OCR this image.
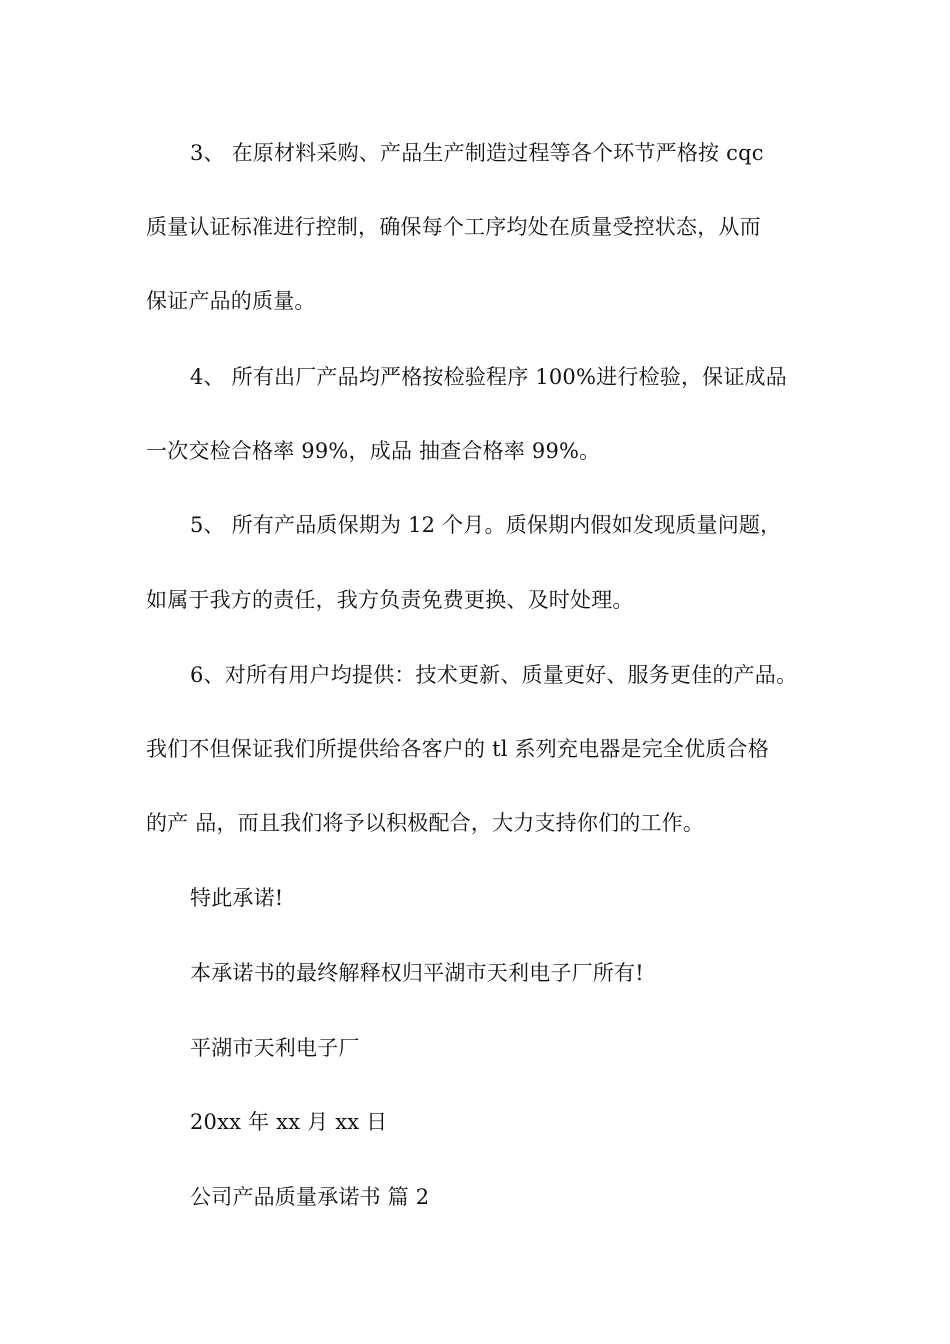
3、 在原材料采购、产品生产制造过程等各个环节严格按 cqc
质量认证标准进行控制，确保每个工序均处在质量受控状态，从而
保证产品的质量。
4、 所有出厂产品均严格按检验程序 100%进行检验，保证成品
一次交检合格率 99%，成品 抽查合格率 99%。
5、 所有产品质保期为 12 个月。质保期内假如发现质量问题，
如属于我方的责任，我方负责免费更换、及时处理。
6、对所有用户均提供：技术更新、质量更好、服务更佳的产品。
我们不但保证我们所提供给各客户的 tl 系列充电器是完全优质合格
的产 品，而且我们将予以积极配合，大力支持你们的工作。
特此承诺!
本承诺书的最终解释权归平湖市天利电子厂所有!
平湖市天利电子厂
20xx 年 xx 月 xx 日
公司产品质量承诺书 篇 2
